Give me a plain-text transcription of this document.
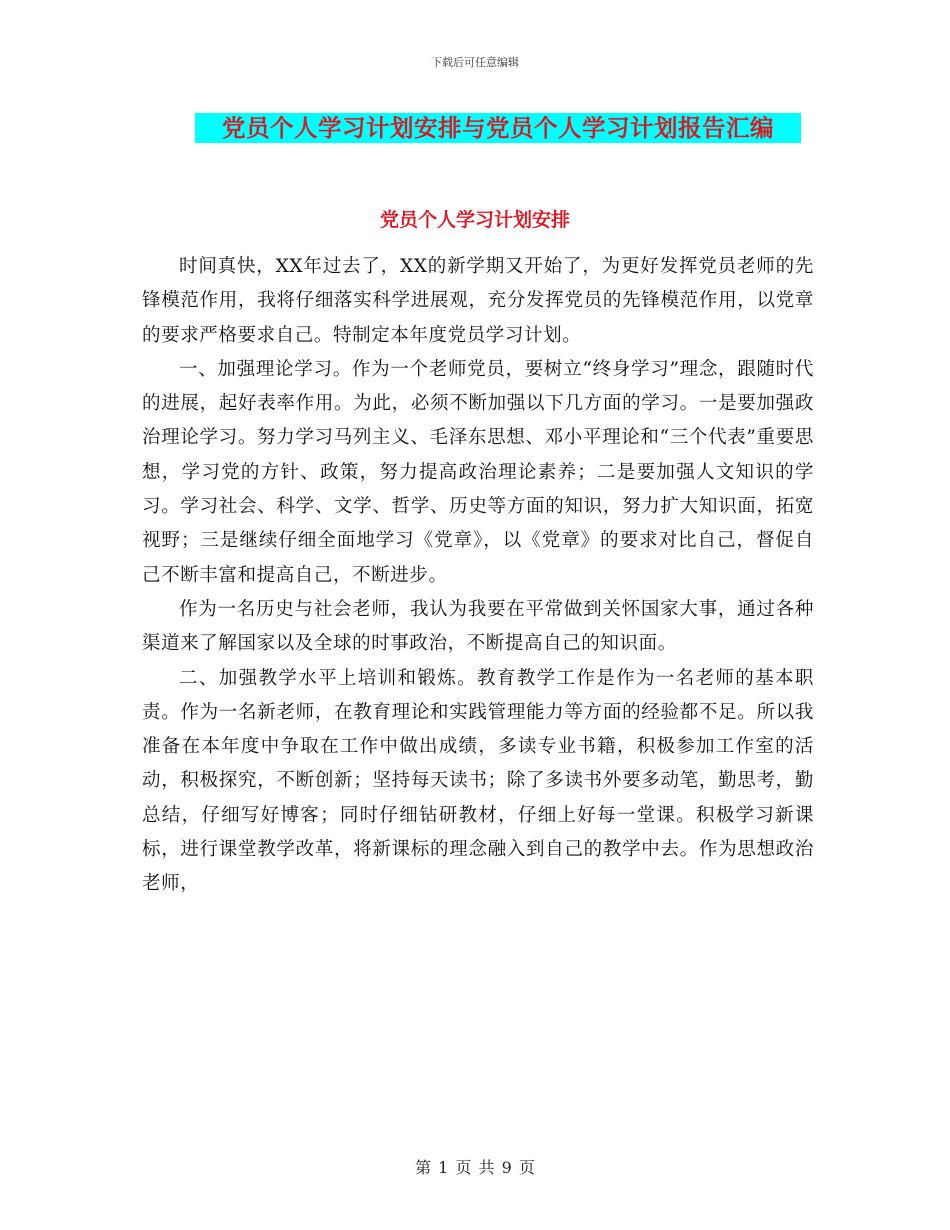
下载后可任意编辑
党员个人学习计划安排与党员个人学习计划报告汇编
党员个人学习计划安排

时间真快，XX年过去了，XX的新学期又开始了，为更好发挥党员老师的先锋模范作用，我将仔细落实科学进展观，充分发挥党员的先锋模范作用，以党章的要求严格要求自己。特制定本年度党员学习计划。

一、加强理论学习。作为一个老师党员，要树立“终身学习”理念，跟随时代的进展，起好表率作用。为此，必须不断加强以下几方面的学习。一是要加强政治理论学习。努力学习马列主义、毛泽东思想、邓小平理论和“三个代表”重要思想，学习党的方针、政策，努力提高政治理论素养；二是要加强人文知识的学习。学习社会、科学、文学、哲学、历史等方面的知识，努力扩大知识面，拓宽视野；三是继续仔细全面地学习《党章》，以《党章》的要求对比自己，督促自己不断丰富和提高自己，不断进步。

作为一名历史与社会老师，我认为我要在平常做到关怀国家大事，通过各种渠道来了解国家以及全球的时事政治，不断提高自己的知识面。

二、加强教学水平上培训和锻炼。教育教学工作是作为一名老师的基本职责。作为一名新老师，在教育理论和实践管理能力等方面的经验都不足。所以我准备在本年度中争取在工作中做出成绩，多读专业书籍，积极参加工作室的活动，积极探究，不断创新；坚持每天读书；除了多读书外要多动笔，勤思考，勤总结，仔细写好博客；同时仔细钻研教材，仔细上好每一堂课。积极学习新课标，进行课堂教学改革，将新课标的理念融入到自己的教学中去。作为思想政治老师，

第 1 页 共 9 页
